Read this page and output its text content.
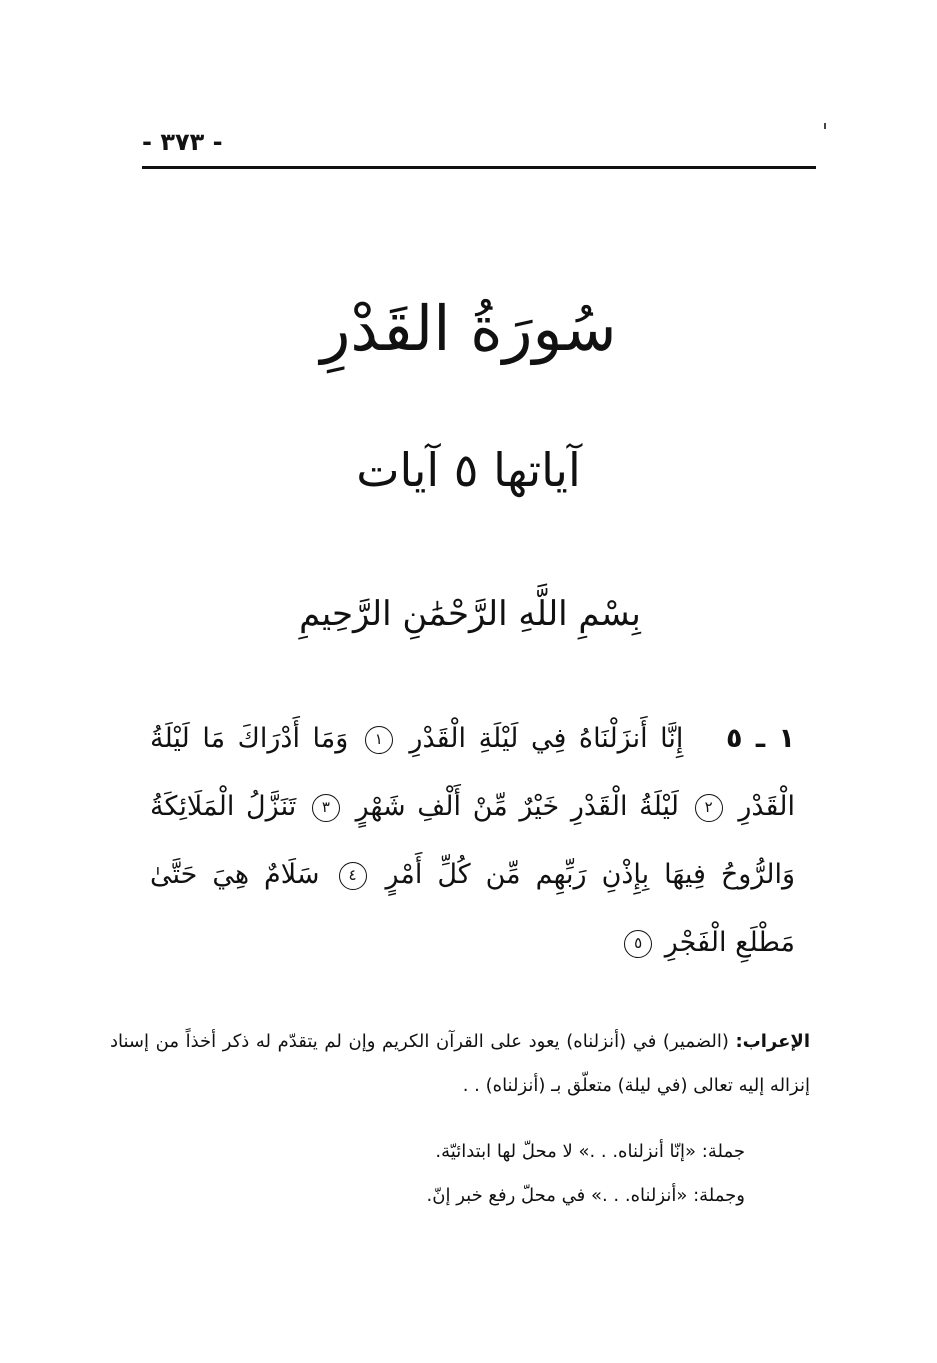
- ٣٧٣ -
سُورَةُ القَدْرِ
آياتها ٥ آيات
بِسْمِ اللَّهِ الرَّحْمَٰنِ الرَّحِيمِ
١ ـ ٥ إِنَّا أَنزَلْنَاهُ فِي لَيْلَةِ الْقَدْرِ ١ وَمَا أَدْرَاكَ مَا لَيْلَةُ الْقَدْرِ ٢ لَيْلَةُ الْقَدْرِ خَيْرٌ مِّنْ أَلْفِ شَهْرٍ ٣ تَنَزَّلُ الْمَلَائِكَةُ وَالرُّوحُ فِيهَا بِإِذْنِ رَبِّهِم مِّن كُلِّ أَمْرٍ ٤ سَلَامٌ هِيَ حَتَّىٰ مَطْلَعِ الْفَجْرِ ٥
الإعراب: (الضمير) في (أنزلناه) يعود على القرآن الكريم وإن لم يتقدّم له ذكر أخذاً من إسناد إنزاله إليه تعالى (في ليلة) متعلّق بـ (أنزلناه) . .
جملة: «إنّا أنزلناه. . .» لا محلّ لها ابتدائيّة.
وجملة: «أنزلناه. . .» في محلّ رفع خبر إنّ.
